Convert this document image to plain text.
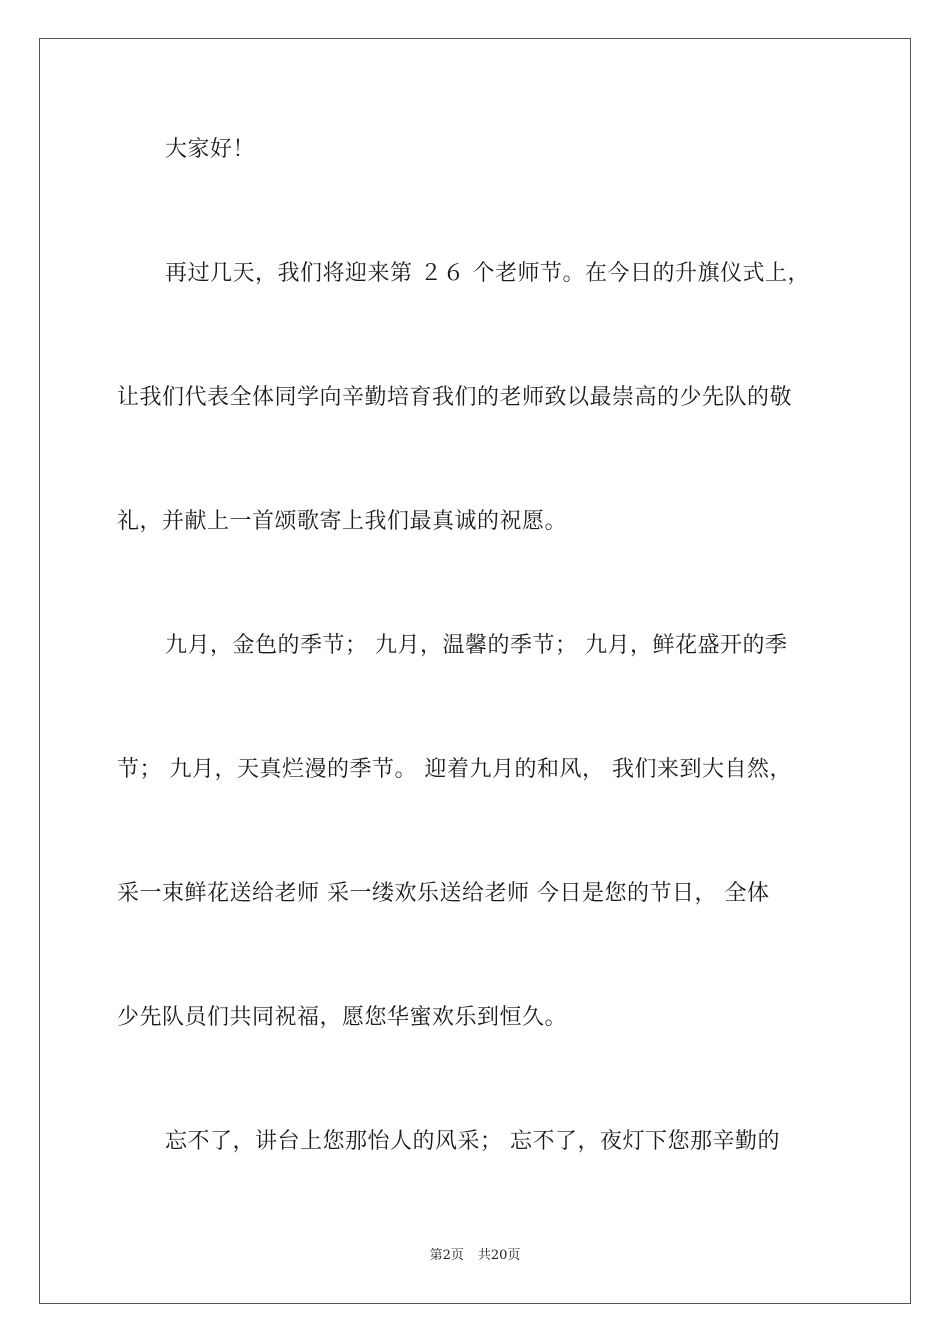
大家好！
再过几天，我们将迎来第 ２６ 个老师节。在今日的升旗仪式上，
让我们代表全体同学向辛勤培育我们的老师致以最崇高的少先队的敬
礼，并献上一首颂歌寄上我们最真诚的祝愿。
九月，金色的季节； 九月，温馨的季节； 九月，鲜花盛开的季
节； 九月，天真烂漫的季节。 迎着九月的和风， 我们来到大自然，
采一束鲜花送给老师 采一缕欢乐送给老师 今日是您的节日， 全体
少先队员们共同祝福，愿您华蜜欢乐到恒久。
忘不了，讲台上您那怡人的风采； 忘不了，夜灯下您那辛勤的
第2页 共20页
